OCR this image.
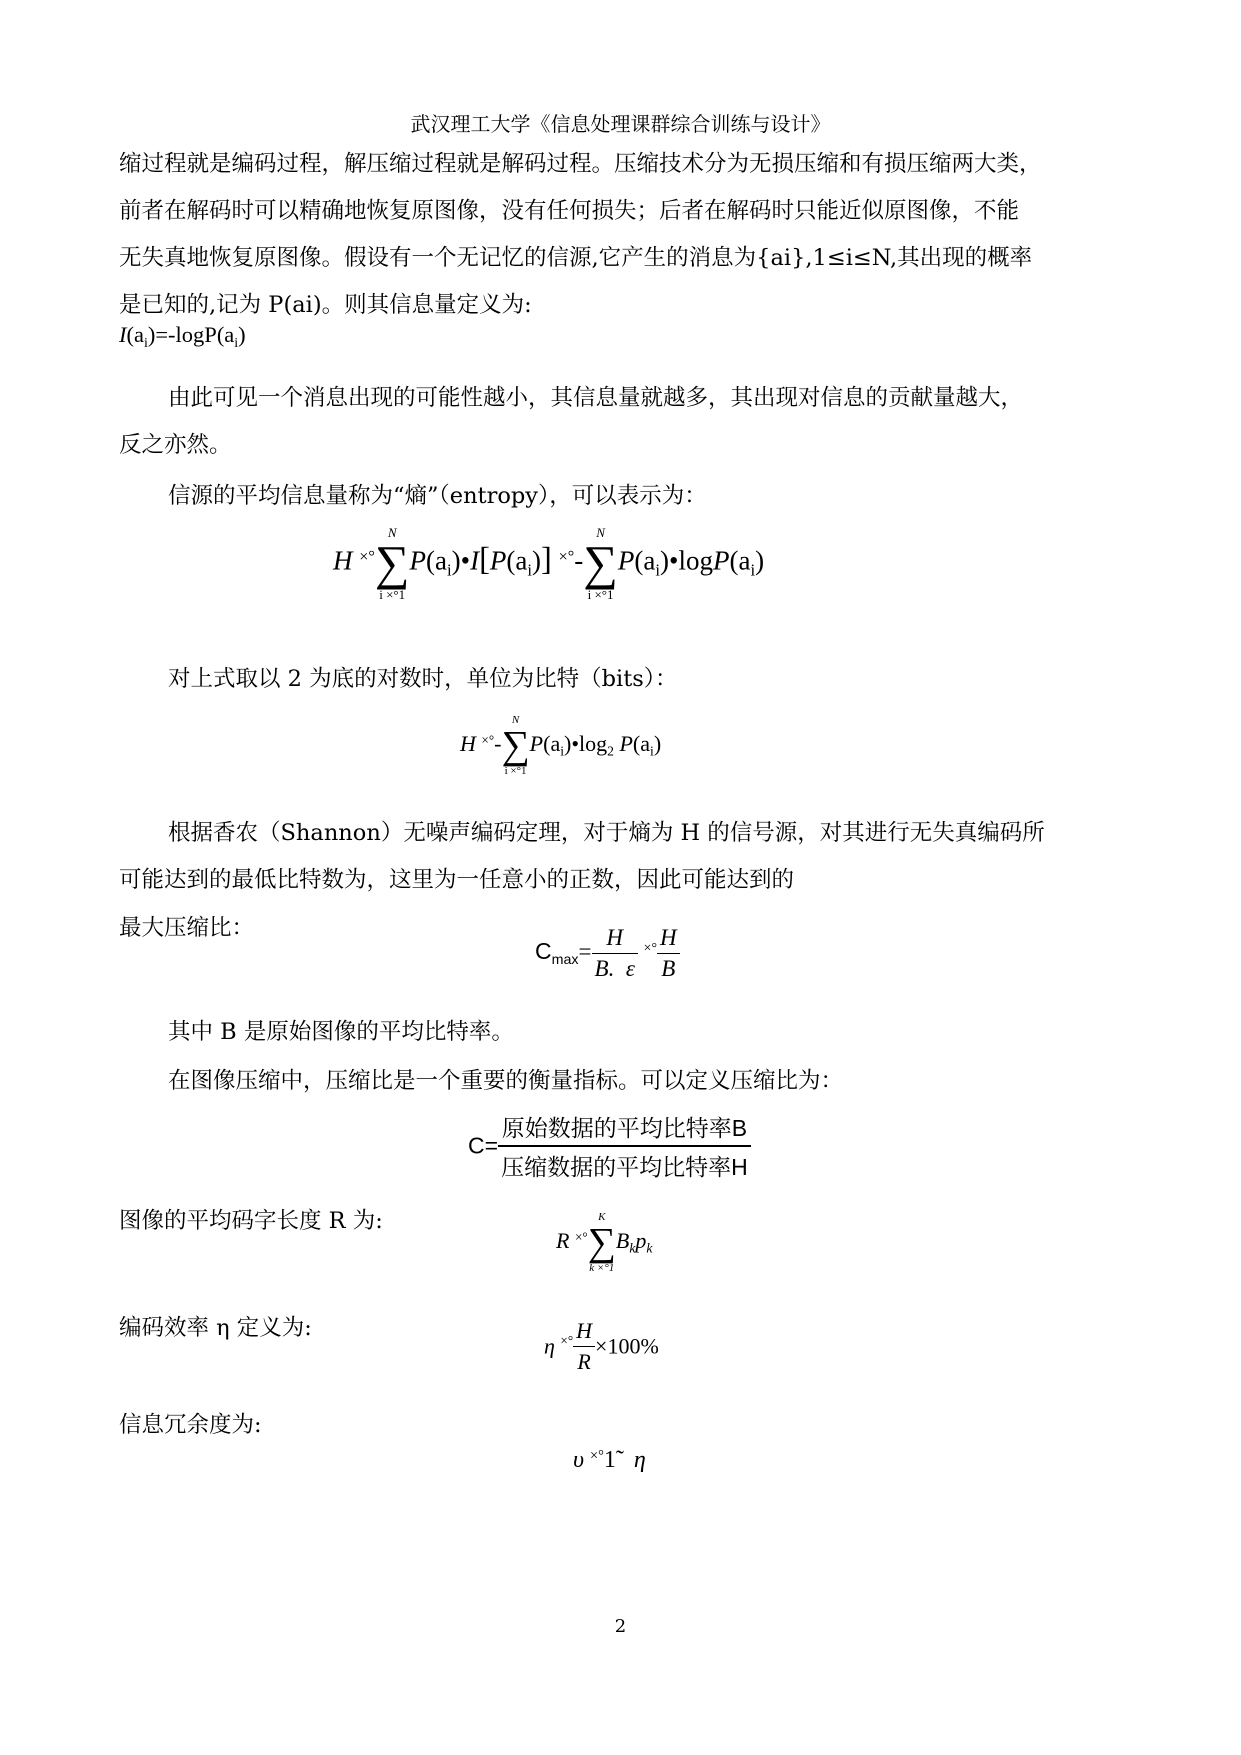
武汉理工大学《信息处理课群综合训练与设计》
缩过程就是编码过程，解压缩过程就是解码过程。压缩技术分为无损压缩和有损压缩两大类，
前者在解码时可以精确地恢复原图像，没有任何损失；后者在解码时只能近似原图像，不能
无失真地恢复原图像。假设有一个无记忆的信源,它产生的消息为{ai},1≤i≤N,其出现的概率
是已知的,记为 P(ai)。则其信息量定义为:
$I(a_i)=-\log P(a_i)$
由此可见一个消息出现的可能性越小，其信息量就越多，其出现对信息的贡献量越大，
反之亦然。
信源的平均信息量称为“熵”（entropy），可以表示为：
H ×°
N
∑
i ×°1
$P(a_i)•I[P(a_i)]$ ×°-
N
∑
i ×°1
$P(a_i)•\log P(a_i)$
对上式取以 2 为底的对数时，单位为比特（bits）：
H ×°-
N
∑
i ×°1
$P(a_i)•\log_2$ $P(a_i)$
根据香农（Shannon）无噪声编码定理，对于熵为 H 的信号源，对其进行无失真编码所
可能达到的最低比特数为，这里为一任意小的正数，因此可能达到的
最大压缩比：
$C_{max}= \frac{H}{B. \varepsilon} ^{\times^\circ} \frac{H}{B}$
其中 B 是原始图像的平均比特率。
在图像压缩中，压缩比是一个重要的衡量指标。可以定义压缩比为：
$C= \frac{\text{原始数据的平均比特率B}}{\text{压缩数据的平均比特率H}}$
图像的平均码字长度 R 为:
R ×°
K
∑
k ×°1
$B_kp_k$
编码效率 η 定义为:
η $^{\times^\circ} \frac{H}{R} \times 100\%$
信息冗余度为:
υ ×°1̃ η
2
